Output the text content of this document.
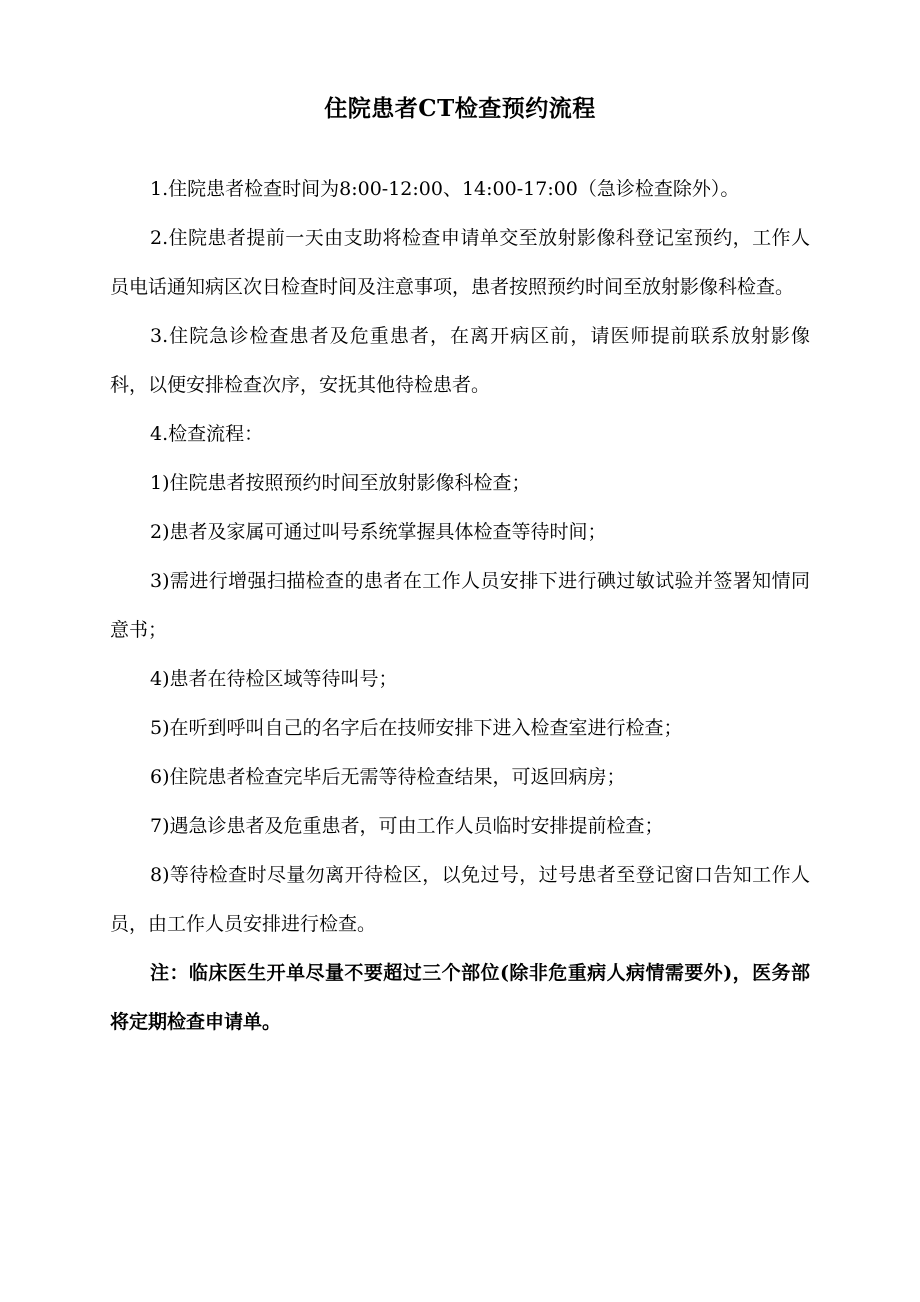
住院患者CT检查预约流程

1.住院患者检查时间为8:00-12:00、14:00-17:00（急诊检查除外）。

2.住院患者提前一天由支助将检查申请单交至放射影像科登记室预约，工作人员电话通知病区次日检查时间及注意事项，患者按照预约时间至放射影像科检查。

3.住院急诊检查患者及危重患者，在离开病区前，请医师提前联系放射影像科，以便安排检查次序，安抚其他待检患者。

4.检查流程：

1)住院患者按照预约时间至放射影像科检查；

2)患者及家属可通过叫号系统掌握具体检查等待时间；

3)需进行增强扫描检查的患者在工作人员安排下进行碘过敏试验并签署知情同意书；

4)患者在待检区域等待叫号；

5)在听到呼叫自己的名字后在技师安排下进入检查室进行检查；

6)住院患者检查完毕后无需等待检查结果，可返回病房；

7)遇急诊患者及危重患者，可由工作人员临时安排提前检查；

8)等待检查时尽量勿离开待检区，以免过号，过号患者至登记窗口告知工作人员，由工作人员安排进行检查。

注：临床医生开单尽量不要超过三个部位(除非危重病人病情需要外)，医务部将定期检查申请单。
